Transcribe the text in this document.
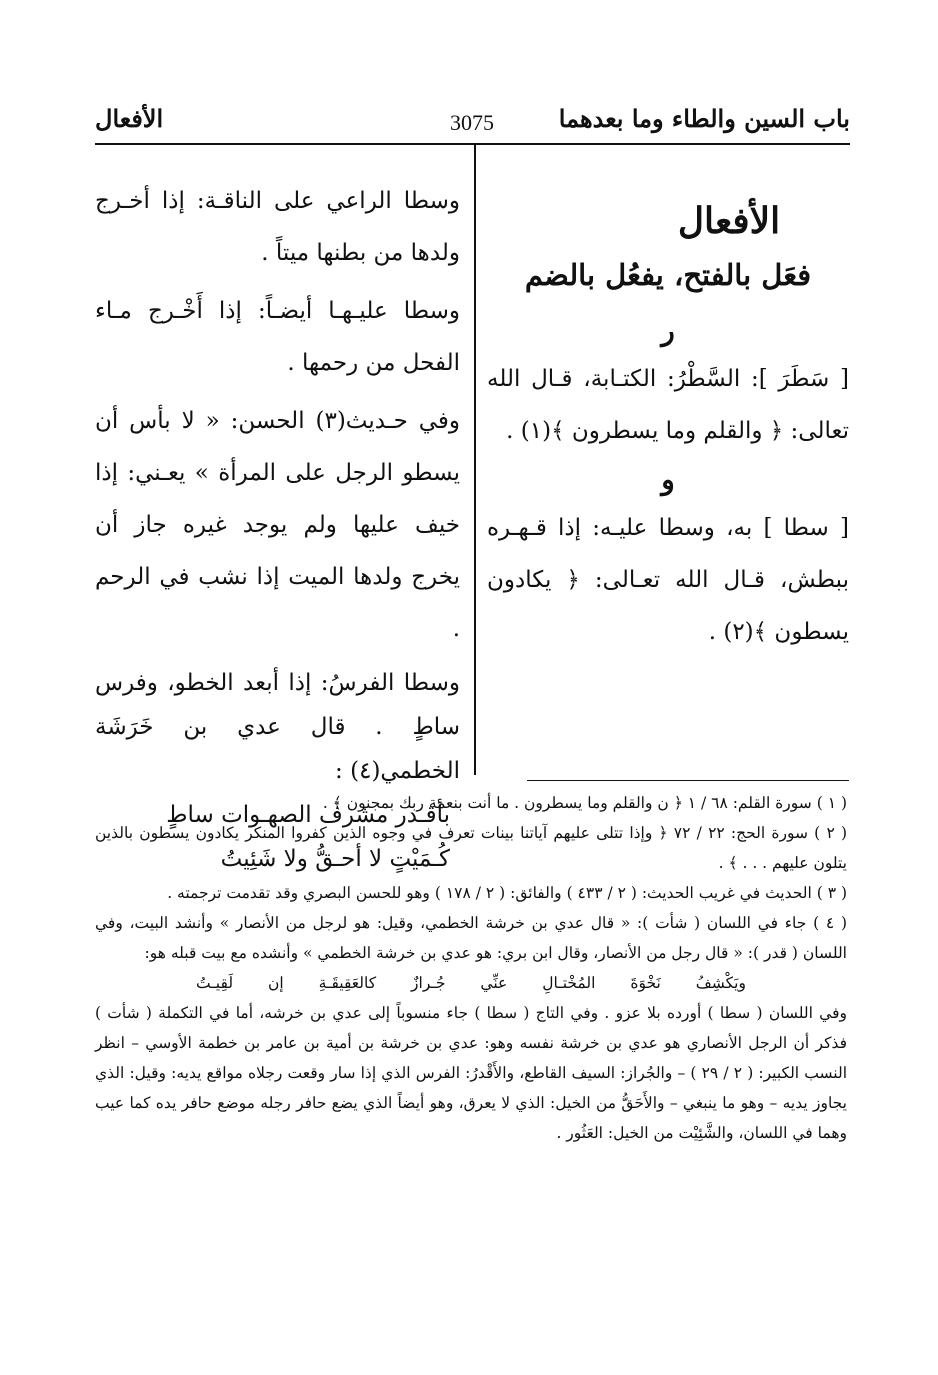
باب السين والطاء وما بعدهما
3075
الأفعال
الأفعال
فعَل بالفتح، يفعُل بالضم
ر

[ سَطَرَ ]: السَّطْرُ: الكتـابة، قـال الله تعالى: ﴿ والقلم وما يسطرون ﴾(١) .

و

[ سطا ] به، وسطا عليـه: إذا قـهـره ببطش، قـال الله تعـالى: ﴿ يكادون يسطون ﴾(٢) .

وسطا الراعي على الناقـة: إذا أخـرج ولدها من بطنها ميتاً .

وسطا عليـهـا أيضـاً: إذا أَخْـرج مـاء الفحل من رحمها .

وفي حـديث(٣) الحسن: « لا بأس أن يسطو الرجل على المرأة » يعـني: إذا خيف عليها ولم يوجد غيره جاز أن يخرج ولدها الميت إذا نشب في الرحم .

وسطا الفرسُ: إذا أبعد الخطو، وفرس ساطٍ . قال عدي بن خَرَشَة الخطمي(٤) :

بأقـدر مشرف الصهـوات ساطٍ
كُـمَيْتٍ لا أحـقُّ ولا شَئِيتُ

( ١ ) سورة القلم: ٦٨ / ١ ﴿ ن والقلم وما يسطرون . ما أنت بنعمة ربك بمجنون ﴾ .

( ٢ ) سورة الحج: ٢٢ / ٧٢ ﴿ وإذا تتلى عليهم آياتنا بينات تعرف في وجوه الذين كفروا المنكر يكادون يسطون بالذين يتلون عليهم . . . ﴾ .

( ٣ ) الحديث في غريب الحديث: ( ٢ / ٤٣٣ ) والفائق: ( ٢ / ١٧٨ ) وهو للحسن البصري وقد تقدمت ترجمته .

( ٤ ) جاء في اللسان ( شأت ): « قال عدي بن خرشة الخطمي، وقيل: هو لرجل من الأنصار » وأنشد البيت، وفي اللسان ( قدر ): « قال رجل من الأنصار، وقال ابن بري: هو عدي بن خرشة الخطمي » وأنشده مع بيت قبله هو:

ويَكْشِفُ نَخْوَةَ المُخْتـالِ عنِّي جُـرازٌ كالعَقِيقَـةِ إن لَقِيـتُ

وفي اللسان ( سطا ) أورده بلا عزو . وفي التاج ( سطا ) جاء منسوباً إلى عدي بن خرشه، أما في التكملة ( شأت ) فذكر أن الرجل الأنصاري هو عدي بن خرشة نفسه وهو: عدي بن خرشة بن أمية بن عامر بن خطمة الأوسي – انظر النسب الكبير: ( ٢ / ٢٩ ) – والجُراز: السيف القاطع، والأَقْدرُ: الفرس الذي إذا سار وقعت رجلاه مواقع يديه: وقيل: الذي يجاوز يديه – وهو ما ينبغي – والأَحَقُّ من الخيل: الذي لا يعرق، وهو أيضاً الذي يضع حافر رجله موضع حافر يده كما عيب وهما في اللسان، والشَّئِيْت من الخيل: العَثُور .
